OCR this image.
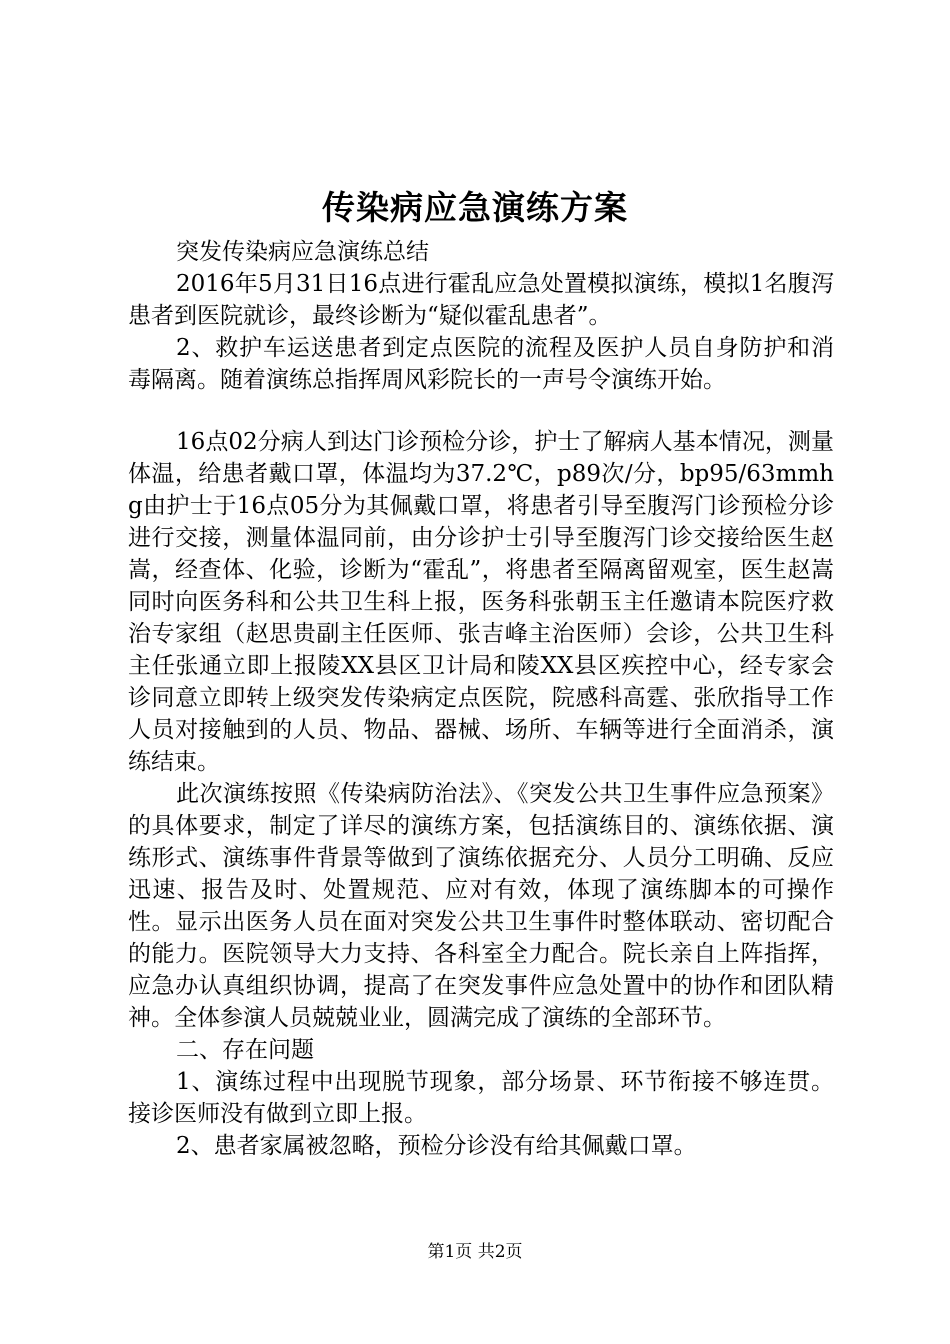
传染病应急演练方案

突发传染病应急演练总结

2016年5月31日16点进行霍乱应急处置模拟演练，模拟1名腹泻患者到医院就诊，最终诊断为“疑似霍乱患者”。

2、救护车运送患者到定点医院的流程及医护人员自身防护和消毒隔离。随着演练总指挥周风彩院长的一声号令演练开始。

16点02分病人到达门诊预检分诊，护士了解病人基本情况，测量体温，给患者戴口罩，体温均为37.2℃，p89次/分，bp95/63mmhg由护士于16点05分为其佩戴口罩，将患者引导至腹泻门诊预检分诊进行交接，测量体温同前，由分诊护士引导至腹泻门诊交接给医生赵嵩，经查体、化验，诊断为“霍乱”，将患者至隔离留观室，医生赵嵩同时向医务科和公共卫生科上报，医务科张朝玉主任邀请本院医疗救治专家组（赵思贵副主任医师、张吉峰主治医师）会诊，公共卫生科主任张通立即上报陵XX县区卫计局和陵XX县区疾控中心，经专家会诊同意立即转上级突发传染病定点医院，院感科高霆、张欣指导工作人员对接触到的人员、物品、器械、场所、车辆等进行全面消杀，演练结束。

此次演练按照《传染病防治法》、《突发公共卫生事件应急预案》的具体要求，制定了详尽的演练方案，包括演练目的、演练依据、演练形式、演练事件背景等做到了演练依据充分、人员分工明确、反应迅速、报告及时、处置规范、应对有效，体现了演练脚本的可操作性。显示出医务人员在面对突发公共卫生事件时整体联动、密切配合的能力。医院领导大力支持、各科室全力配合。院长亲自上阵指挥，应急办认真组织协调，提高了在突发事件应急处置中的协作和团队精神。全体参演人员兢兢业业，圆满完成了演练的全部环节。

二、存在问题

1、演练过程中出现脱节现象，部分场景、环节衔接不够连贯。接诊医师没有做到立即上报。

2、患者家属被忽略，预检分诊没有给其佩戴口罩。

第1页 共2页
